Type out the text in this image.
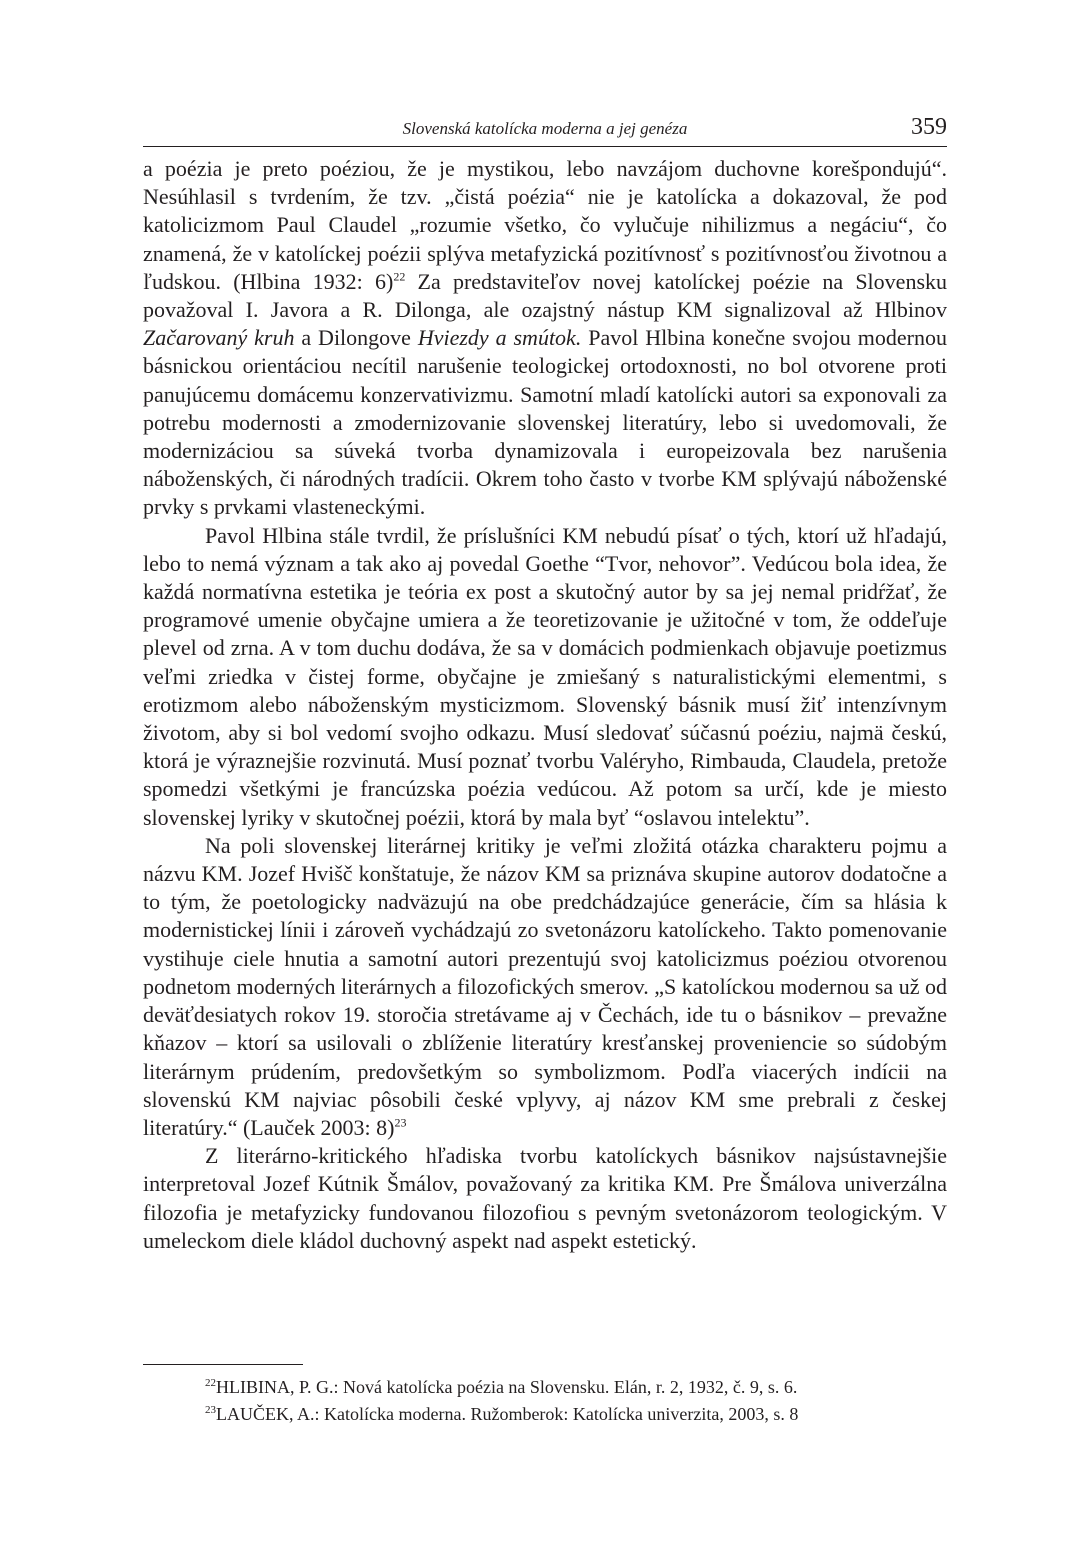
Slovenská katolícka moderna a jej genéza	359

a poézia je preto poéziou, že je mystikou, lebo navzájom duchovne korešpondujú“. Nesúhlasil s tvrdením, že tzv. „čistá poézia“ nie je katolícka a dokazoval, že pod katolicizmom Paul Claudel „rozumie všetko, čo vylučuje nihilizmus a negáciu“, čo znamená, že v katolíckej poézii splýva metafyzická pozitívnosť s pozitívnosťou životnou a ľudskou. (Hlbina 1932: 6)$^{22}$ Za predstaviteľov novej katolíckej poézie na Slovensku považoval I. Javora a R. Dilonga, ale ozajstný nástup KM signalizoval až Hlbinov Začarovaný kruh a Dilongove Hviezdy a smútok. Pavol Hlbina konečne svojou modernou básnickou orientáciou necítil narušenie teologickej ortodoxnosti, no bol otvorene proti panujúcemu domácemu konzervativizmu. Samotní mladí katolícki autori sa exponovali za potrebu modernosti a zmodernizovanie slovenskej literatúry, lebo si uvedomovali, že modernizáciou sa súveká tvorba dynamizovala i europeizovala bez narušenia náboženských, či národných tradícii. Okrem toho často v tvorbe KM splývajú náboženské prvky s prvkami vlasteneckými.

Pavol Hlbina stále tvrdil, že príslušníci KM nebudú písať o tých, ktorí už hľadajú, lebo to nemá význam a tak ako aj povedal Goethe “Tvor, nehovor”. Vedúcou bola idea, že každá normatívna estetika je teória ex post a skutočný autor by sa jej nemal pridŕžať, že programové umenie obyčajne umiera a že teoretizovanie je užitočné v tom, že oddeľuje plevel od zrna. A v tom duchu dodáva, že sa v domácich podmienkach objavuje poetizmus veľmi zriedka v čistej forme, obyčajne je zmiešaný s naturalistickými elementmi, s erotizmom alebo náboženským mysticizmom. Slovenský básnik musí žiť intenzívnym životom, aby si bol vedomí svojho odkazu. Musí sledovať súčasnú poéziu, najmä českú, ktorá je výraznejšie rozvinutá. Musí poznať tvorbu Valéryho, Rimbauda, Claudela, pretože spomedzi všetkými je francúzska poézia vedúcou. Až potom sa určí, kde je miesto slovenskej lyriky v skutočnej poézii, ktorá by mala byť “oslavou intelektu”.

Na poli slovenskej literárnej kritiky je veľmi zložitá otázka charakteru pojmu a názvu KM. Jozef Hvišč konštatuje, že názov KM sa priznáva skupine autorov dodatočne a to tým, že poetologicky nadväzujú na obe predchádzajúce generácie, čím sa hlásia k modernistickej línii i zároveň vychádzajú zo svetonázoru katolíckeho. Takto pomenovanie vystihuje ciele hnutia a samotní autori prezentujú svoj katolicizmus poéziou otvorenou podnetom moderných literárnych a filozofických smerov. „S katolíckou modernou sa už od deväťdesiatych rokov 19. storočia stretávame aj v Čechách, ide tu o básnikov – prevažne kňazov – ktorí sa usilovali o zblíženie literatúry kresťanskej proveniencie so súdobým literárnym prúdením, predovšetkým so symbolizmom. Podľa viacerých indícii na slovenskú KM najviac pôsobili české vplyvy, aj názov KM sme prebrali z českej literatúry.“ (Lauček 2003: 8)$^{23}$

Z literárno-kritického hľadiska tvorbu katolíckych básnikov najsústavnejšie interpretoval Jozef Kútnik Šmálov, považovaný za kritika KM. Pre Šmálova univerzálna filozofia je metafyzicky fundovanou filozofiou s pevným svetonázorom teologickým. V umeleckom diele kládol duchovný aspekt nad aspekt estetický.

$^{22}$HLIBINA, P. G.: Nová katolícka poézia na Slovensku. Elán, r. 2, 1932, č. 9, s. 6.
$^{23}$LAUČEK, A.: Katolícka moderna. Ružomberok: Katolícka univerzita, 2003, s. 8
